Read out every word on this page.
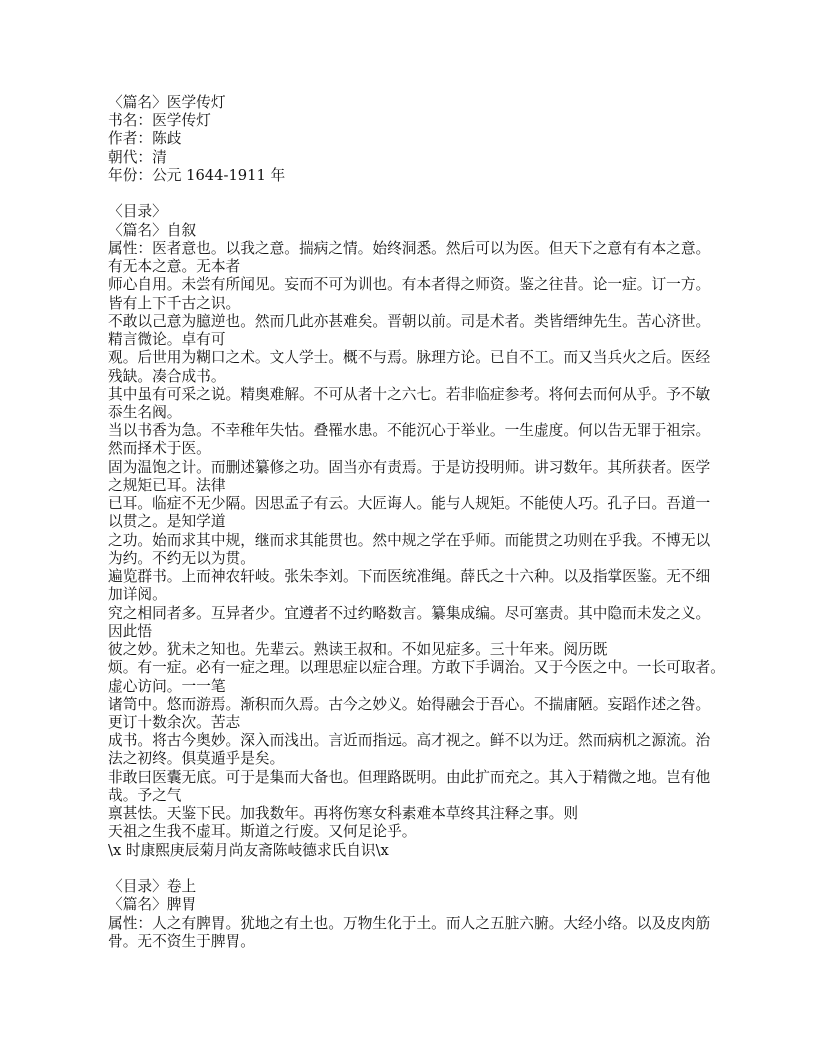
〈篇名〉医学传灯
书名：医学传灯
作者：陈歧
朝代：清
年份：公元 1644-1911 年
〈目录〉
〈篇名〉自叙
属性：医者意也。以我之意。揣病之情。始终洞悉。然后可以为医。但天下之意有有本之意。
有无本之意。无本者
师心自用。未尝有所闻见。妄而不可为训也。有本者得之师资。鉴之往昔。论一症。订一方。
皆有上下千古之识。
不敢以己意为臆逆也。然而几此亦甚难矣。晋朝以前。司是术者。类皆缙绅先生。苦心济世。
精言微论。卓有可
观。后世用为糊口之术。文人学士。概不与焉。脉理方论。已自不工。而又当兵火之后。医经
残缺。凑合成书。
其中虽有可采之说。精奥难解。不可从者十之六七。若非临症参考。将何去而何从乎。予不敏
忝生名阀。
当以书香为急。不幸稚年失怙。叠罹水患。不能沉心于举业。一生虚度。何以告无罪于祖宗。
然而择术于医。
固为温饱之计。而删述纂修之功。固当亦有责焉。于是访投明师。讲习数年。其所获者。医学
之规矩已耳。法律
已耳。临症不无少隔。因思孟子有云。大匠诲人。能与人规矩。不能使人巧。孔子曰。吾道一
以贯之。是知学道
之功。始而求其中规，继而求其能贯也。然中规之学在乎师。而能贯之功则在乎我。不博无以
为约。不约无以为贯。
遍览群书。上而神农轩岐。张朱李刘。下而医统准绳。薛氏之十六种。以及指掌医鉴。无不细
加详阅。
究之相同者多。互异者少。宜遵者不过约略数言。纂集成编。尽可塞责。其中隐而未发之义。
因此悟
彼之妙。犹未之知也。先辈云。熟读王叔和。不如见症多。三十年来。阅历既
烦。有一症。必有一症之理。以理思症以症合理。方敢下手调治。又于今医之中。一长可取者。
虚心访问。一一笔
诸笥中。悠而游焉。渐积而久焉。古今之妙义。始得融会于吾心。不揣庸陋。妄蹈作述之咎。
更订十数余次。苦志
成书。将古今奥妙。深入而浅出。言近而指远。高才视之。鲜不以为迂。然而病机之源流。治
法之初终。俱莫遁乎是矣。
非敢曰医囊无底。可于是集而大备也。但理路既明。由此扩而充之。其入于精微之地。岂有他
哉。予之气
禀甚怯。天鉴下民。加我数年。再将伤寒女科素难本草终其注释之事。则
天祖之生我不虚耳。斯道之行废。又何足论乎。
\x 时康熙庚辰菊月尚友斋陈岐德求氏自识\x
〈目录〉卷上
〈篇名〉脾胃
属性：人之有脾胃。犹地之有土也。万物生化于土。而人之五脏六腑。大经小络。以及皮肉筋
骨。无不资生于脾胃。
